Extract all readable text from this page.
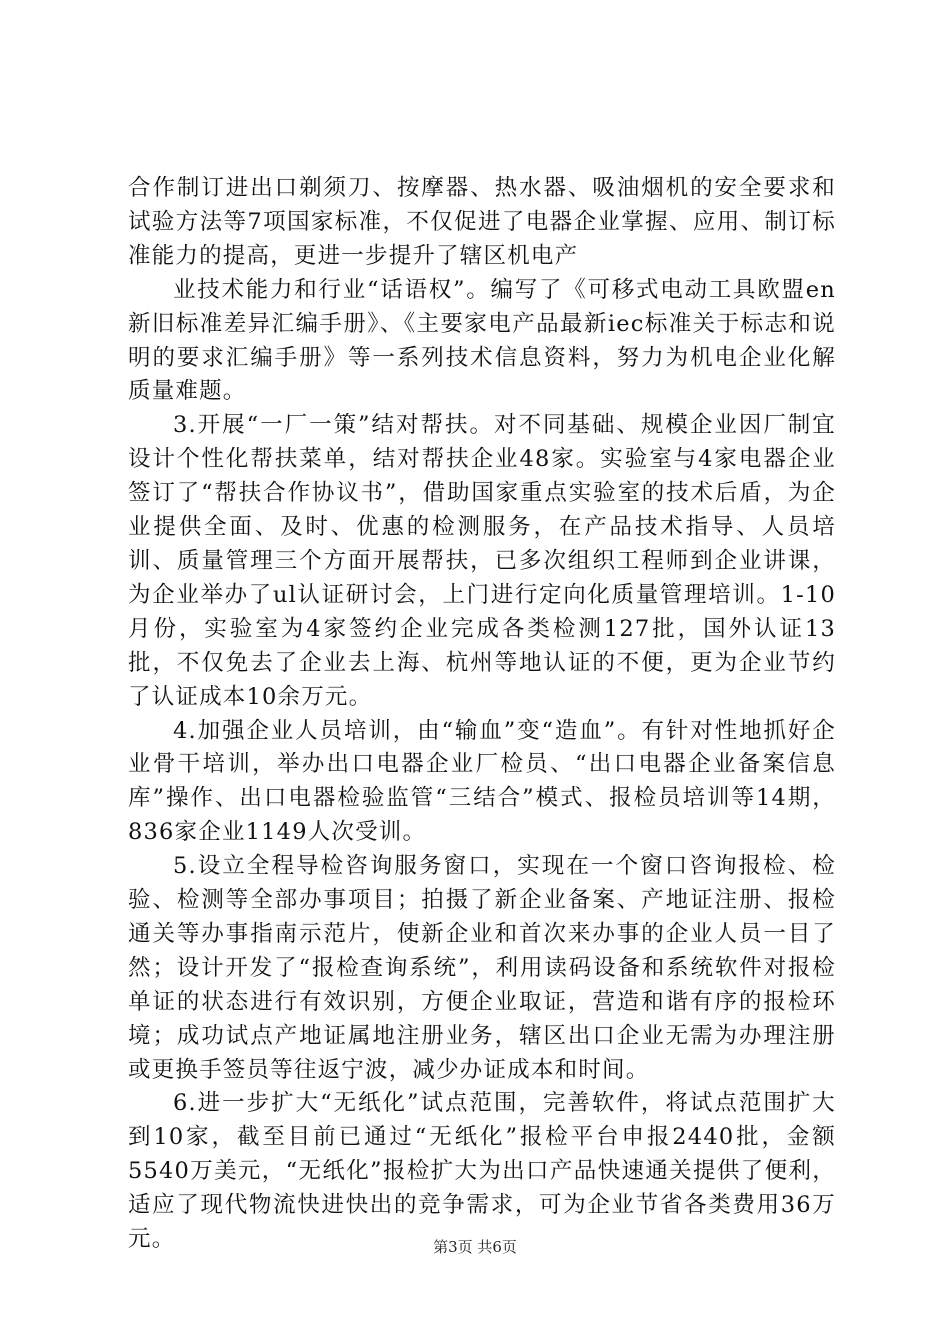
合作制订进出口剃须刀、按摩器、热水器、吸油烟机的安全要求和试验方法等7项国家标准，不仅促进了电器企业掌握、应用、制订标准能力的提高，更进一步提升了辖区机电产

业技术能力和行业“话语权”。编写了《可移式电动工具欧盟en新旧标准差异汇编手册》、《主要家电产品最新iec标准关于标志和说明的要求汇编手册》等一系列技术信息资料，努力为机电企业化解质量难题。

3.开展“一厂一策”结对帮扶。对不同基础、规模企业因厂制宜设计个性化帮扶菜单，结对帮扶企业48家。实验室与4家电器企业签订了“帮扶合作协议书”，借助国家重点实验室的技术后盾，为企业提供全面、及时、优惠的检测服务，在产品技术指导、人员培训、质量管理三个方面开展帮扶，已多次组织工程师到企业讲课，为企业举办了ul认证研讨会，上门进行定向化质量管理培训。1-10月份，实验室为4家签约企业完成各类检测127批，国外认证13批，不仅免去了企业去上海、杭州等地认证的不便，更为企业节约了认证成本10余万元。

4.加强企业人员培训，由“输血”变“造血”。有针对性地抓好企业骨干培训，举办出口电器企业厂检员、“出口电器企业备案信息库”操作、出口电器检验监管“三结合”模式、报检员培训等14期，836家企业1149人次受训。

5.设立全程导检咨询服务窗口，实现在一个窗口咨询报检、检验、检测等全部办事项目；拍摄了新企业备案、产地证注册、报检通关等办事指南示范片，使新企业和首次来办事的企业人员一目了然；设计开发了“报检查询系统”，利用读码设备和系统软件对报检单证的状态进行有效识别，方便企业取证，营造和谐有序的报检环境；成功试点产地证属地注册业务，辖区出口企业无需为办理注册或更换手签员等往返宁波，减少办证成本和时间。

6.进一步扩大“无纸化”试点范围，完善软件，将试点范围扩大到10家，截至目前已通过“无纸化”报检平台申报2440批，金额5540万美元，“无纸化”报检扩大为出口产品快速通关提供了便利，适应了现代物流快进快出的竞争需求，可为企业节省各类费用36万元。	第3页 共6页
